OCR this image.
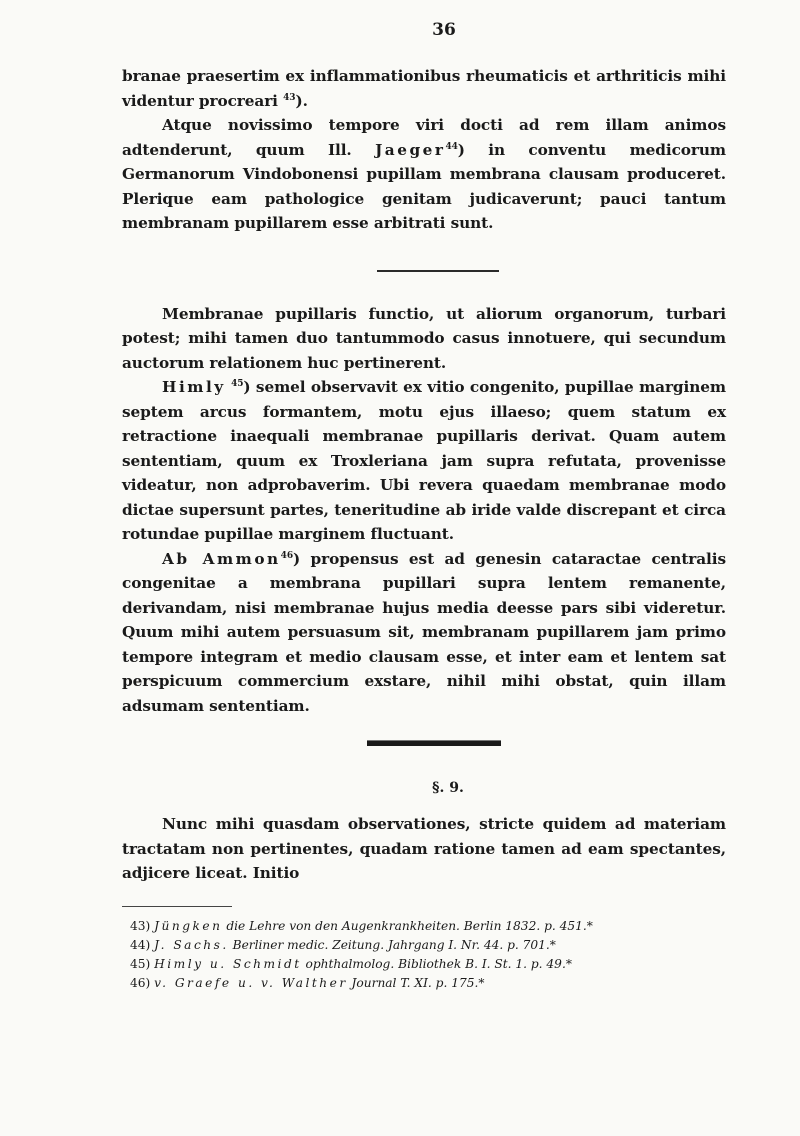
36

branae praesertim ex inflammationibus rheumaticis et arthriticis mihi videntur procreari $^{43}$).

Atque novissimo tempore viri docti ad rem illam animos adtenderunt, quum Ill. Jaeger$^{44}$) in conventu medicorum Germanorum Vindobonensi pupillam membrana clausam produceret. Plerique eam pathologice genitam judicaverunt; pauci tantum membranam pupillarem esse arbitrati sunt.

Membranae pupillaris functio, ut aliorum organorum, turbari potest; mihi tamen duo tantummodo casus innotuere, qui secundum auctorum relationem huc pertinerent.

Himly $^{45}$) semel observavit ex vitio congenito, pupillae marginem septem arcus formantem, motu ejus illaeso; quem statum ex retractione inaequali membranae pupillaris derivat. Quam autem sententiam, quum ex Troxleriana jam supra refutata, provenisse videatur, non adprobaverim. Ubi revera quaedam membranae modo dictae supersunt partes, teneritudine ab iride valde discrepant et circa rotundae pupillae marginem fluctuant.

Ab Ammon$^{46}$) propensus est ad genesin cataractae centralis congenitae a membrana pupillari supra lentem remanente, derivandam, nisi membranae hujus media deesse pars sibi videretur. Quum mihi autem persuasum sit, membranam pupillarem jam primo tempore integram et medio clausam esse, et inter eam et lentem sat perspicuum commercium exstare, nihil mihi obstat, quin illam adsumam sententiam.

§. 9.

Nunc mihi quasdam observationes, stricte quidem ad materiam tractatam non pertinentes, quadam ratione tamen ad eam spectantes, adjicere liceat. Initio

43) Jüngken die Lehre von den Augenkrankheiten. Berlin 1832. p. 451.*
44) J. Sachs. Berliner medic. Zeitung. Jahrgang I. Nr. 44. p. 701.*
45) Himly u. Schmidt ophthalmolog. Bibliothek B. I. St. 1. p. 49.*
46) v. Graefe u. v. Walther Journal T. XI. p. 175.*
